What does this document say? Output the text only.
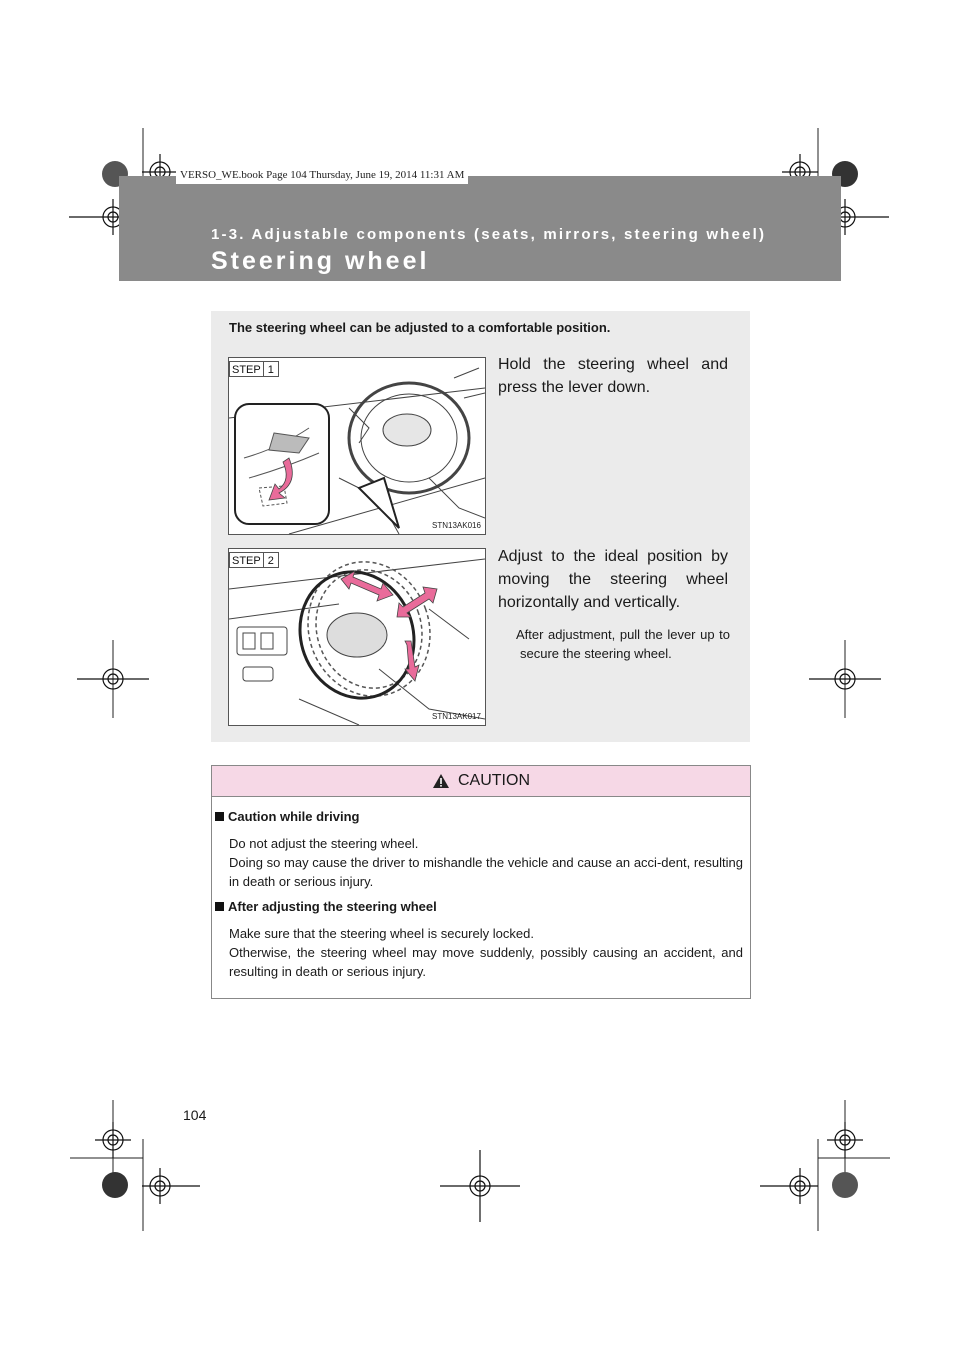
VERSO_WE.book Page 104 Thursday, June 19, 2014 11:31 AM
1-3. Adjustable components (seats, mirrors, steering wheel)
Steering wheel
The steering wheel can be adjusted to a comfortable position.
STEP 1
STN13AK016
Hold the steering wheel and press the lever down.
STEP 2
STN13AK017
Adjust to the ideal position by moving the steering wheel horizontally and vertically.
After adjustment, pull the lever up to secure the steering wheel.
CAUTION
Caution while driving
Do not adjust the steering wheel.
Doing so may cause the driver to mishandle the vehicle and cause an acci-dent, resulting in death or serious injury.
After adjusting the steering wheel
Make sure that the steering wheel is securely locked.
Otherwise, the steering wheel may move suddenly, possibly causing an accident, and resulting in death or serious injury.
104
